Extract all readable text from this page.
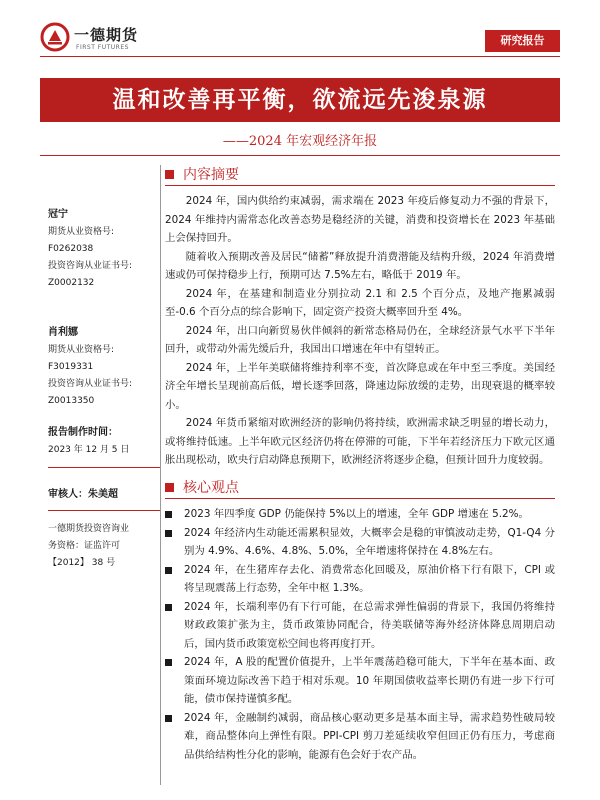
一德期货
FIRST FUTURES
研究报告
温和改善再平衡，欲流远先浚泉源
——2024 年宏观经济年报
冠宁
期货从业资格号:
F0262038
投资咨询从业证书号:
Z0002132
肖利娜
期货从业资格号:
F3019331
投资咨询从业证书号:
Z0013350
报告制作时间：
2023 年 12 月 5 日
审核人：朱美超
一德期货投资咨询业
务资格：证监许可
【2012】 38 号
内容摘要

2024 年，国内供给约束减弱，需求端在 2023 年疫后修复动力不强的背景下，2024 年维持内需常态化改善态势是稳经济的关键，消费和投资增长在 2023 年基础上会保持回升。

随着收入预期改善及居民“储蓄”释放提升消费潜能及结构升级，2024 年消费增速或仍可保持稳步上行，预期可达 7.5%左右，略低于 2019 年。

2024 年，在基建和制造业分别拉动 2.1 和 2.5 个百分点，及地产拖累减弱至-0.6 个百分点的综合影响下，固定资产投资大概率回升至 4%。

2024 年，出口向新贸易伙伴倾斜的新常态格局仍在，全球经济景气水平下半年回升，或带动外需先缓后升，我国出口增速在年中有望转正。

2024 年，上半年美联储将维持利率不变，首次降息或在年中至三季度。美国经济全年增长呈现前高后低，增长逐季回落，降速边际放缓的走势，出现衰退的概率较小。

2024 年货币紧缩对欧洲经济的影响仍将持续，欧洲需求缺乏明显的增长动力，或将维持低速。上半年欧元区经济仍将在停滞的可能，下半年若经济压力下欧元区通胀出现松动，欧央行启动降息预期下，欧洲经济将逐步企稳，但预计回升力度较弱。

核心观点
2023 年四季度 GDP 仍能保持 5%以上的增速，全年 GDP 增速在 5.2%。
2024 年经济内生动能还需累积显效，大概率会是稳的审慎波动走势，Q1-Q4 分别为 4.9%、4.6%、4.8%、5.0%，全年增速将保持在 4.8%左右。
2024 年，在生猪库存去化、消费常态化回暖及，原油价格下行有限下，CPI 或将呈现震荡上行态势，全年中枢 1.3%。
2024 年，长端利率仍有下行可能，在总需求弹性偏弱的背景下，我国仍将维持财政政策扩张为主，货币政策协同配合，待美联储等海外经济体降息周期启动后，国内货币政策宽松空间也将再度打开。
2024 年，A 股的配置价值提升，上半年震荡趋稳可能大，下半年在基本面、政策面环境边际改善下趋于相对乐观。10 年期国债收益率长期仍有进一步下行可能，债市保持谨慎多配。
2024 年，金融制约减弱，商品核心驱动更多是基本面主导，需求趋势性破局较难，商品整体向上弹性有限。PPI-CPI 剪刀差延续收窄但回正仍有压力，考虑商品供给结构性分化的影响，能源有色会好于农产品。
